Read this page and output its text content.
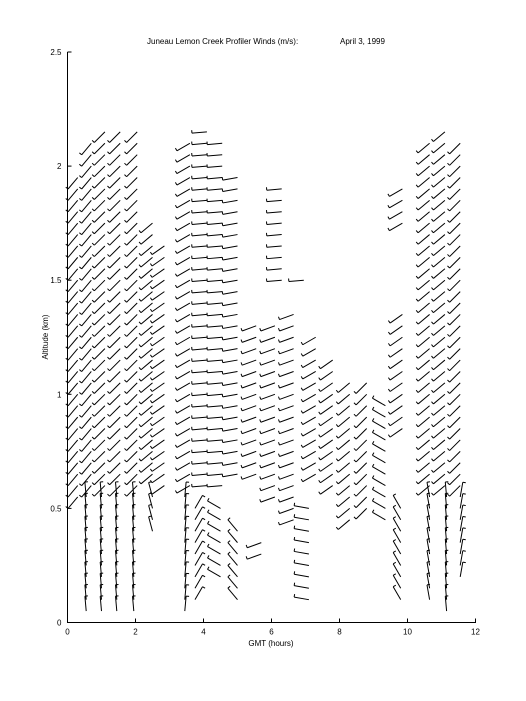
Juneau Lemon Creek Profiler Winds (m/s):	April 3, 1999
0	2	4	6	8	10	12
0
0.5
1
1.5
2
2.5
GMT (hours)
Altitude (km)
